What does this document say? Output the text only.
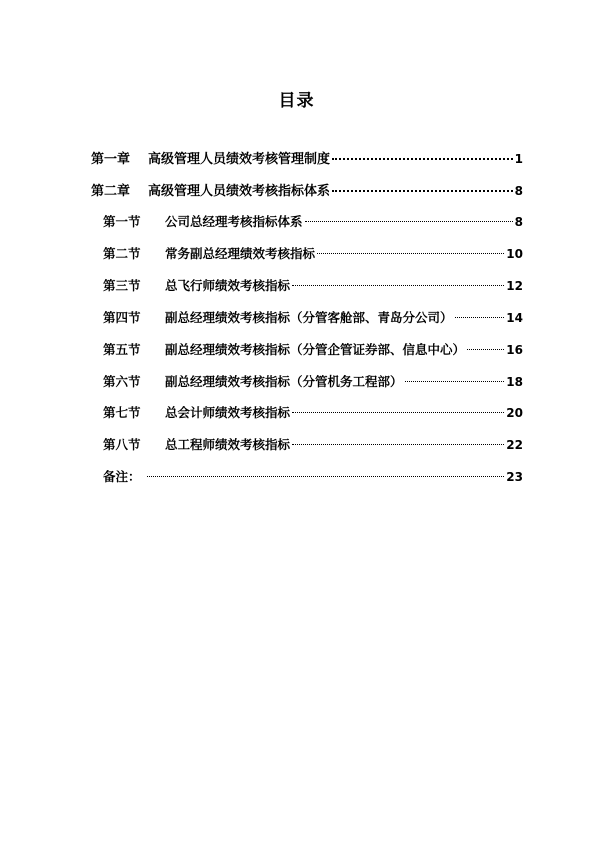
目录
第一章	高级管理人员绩效考核管理制度	1
第二章	高级管理人员绩效考核指标体系	8
第一节	公司总经理考核指标体系	8
第二节	常务副总经理绩效考核指标	10
第三节	总飞行师绩效考核指标	12
第四节	副总经理绩效考核指标（分管客舱部、青岛分公司）	14
第五节	副总经理绩效考核指标（分管企管证券部、信息中心）	16
第六节	副总经理绩效考核指标（分管机务工程部）	18
第七节	总会计师绩效考核指标	20
第八节	总工程师绩效考核指标	22
备注：	23
